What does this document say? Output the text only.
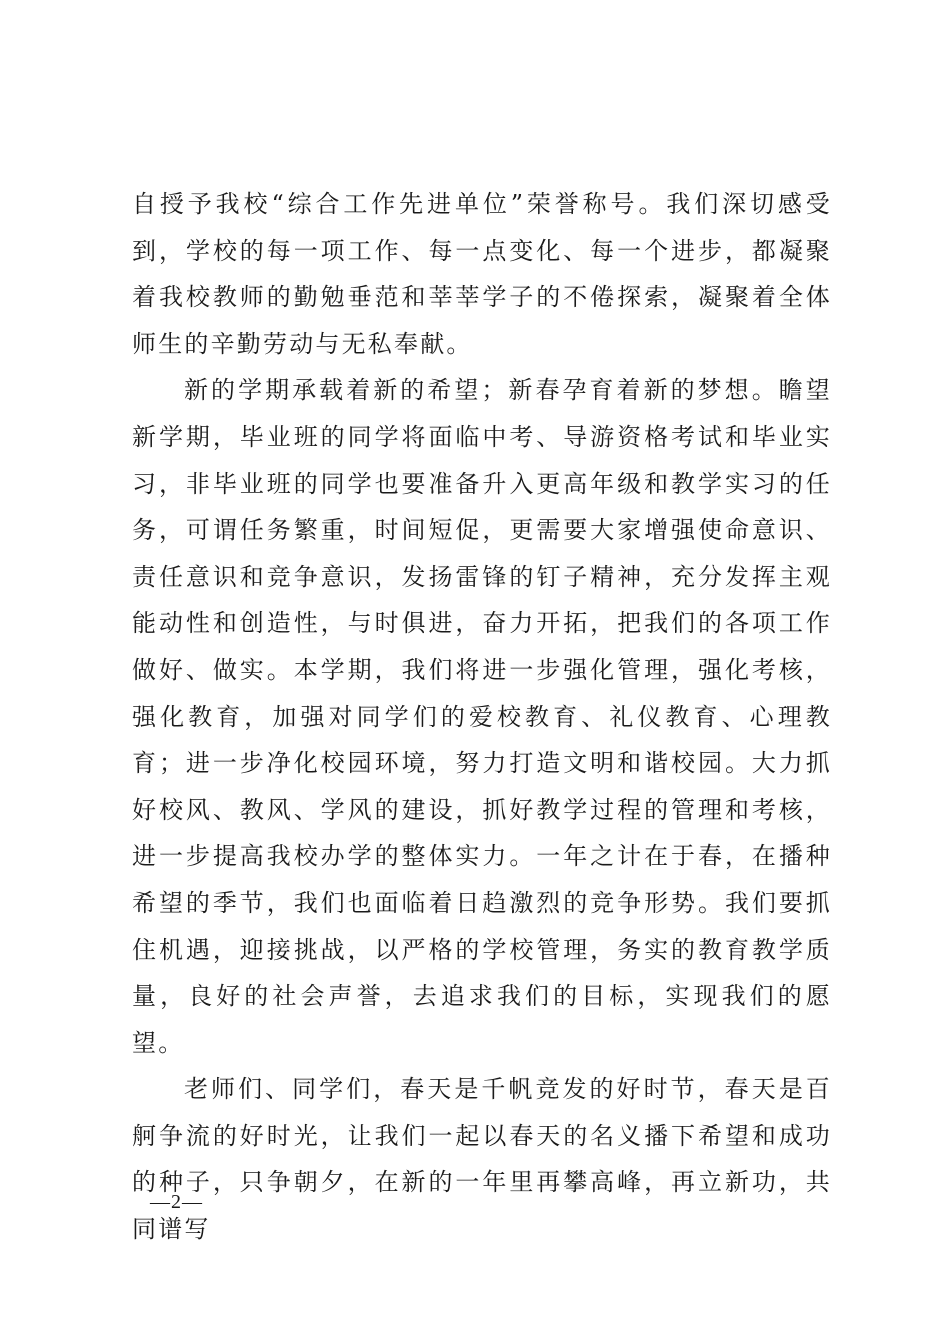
自授予我校“综合工作先进单位”荣誉称号。我们深切感受到，学校的每一项工作、每一点变化、每一个进步，都凝聚着我校教师的勤勉垂范和莘莘学子的不倦探索，凝聚着全体师生的辛勤劳动与无私奉献。

新的学期承载着新的希望；新春孕育着新的梦想。瞻望新学期，毕业班的同学将面临中考、导游资格考试和毕业实习，非毕业班的同学也要准备升入更高年级和教学实习的任务，可谓任务繁重，时间短促，更需要大家增强使命意识、责任意识和竞争意识，发扬雷锋的钉子精神，充分发挥主观能动性和创造性，与时俱进，奋力开拓，把我们的各项工作做好、做实。本学期，我们将进一步强化管理，强化考核，强化教育，加强对同学们的爱校教育、礼仪教育、心理教育；进一步净化校园环境，努力打造文明和谐校园。大力抓好校风、教风、学风的建设，抓好教学过程的管理和考核，进一步提高我校办学的整体实力。一年之计在于春，在播种希望的季节，我们也面临着日趋激烈的竞争形势。我们要抓住机遇，迎接挑战，以严格的学校管理，务实的教育教学质量，良好的社会声誉，去追求我们的目标，实现我们的愿望。

老师们、同学们，春天是千帆竞发的好时节，春天是百舸争流的好时光，让我们一起以春天的名义播下希望和成功的种子，只争朝夕，在新的一年里再攀高峰，再立新功，共同谱写

—2—
